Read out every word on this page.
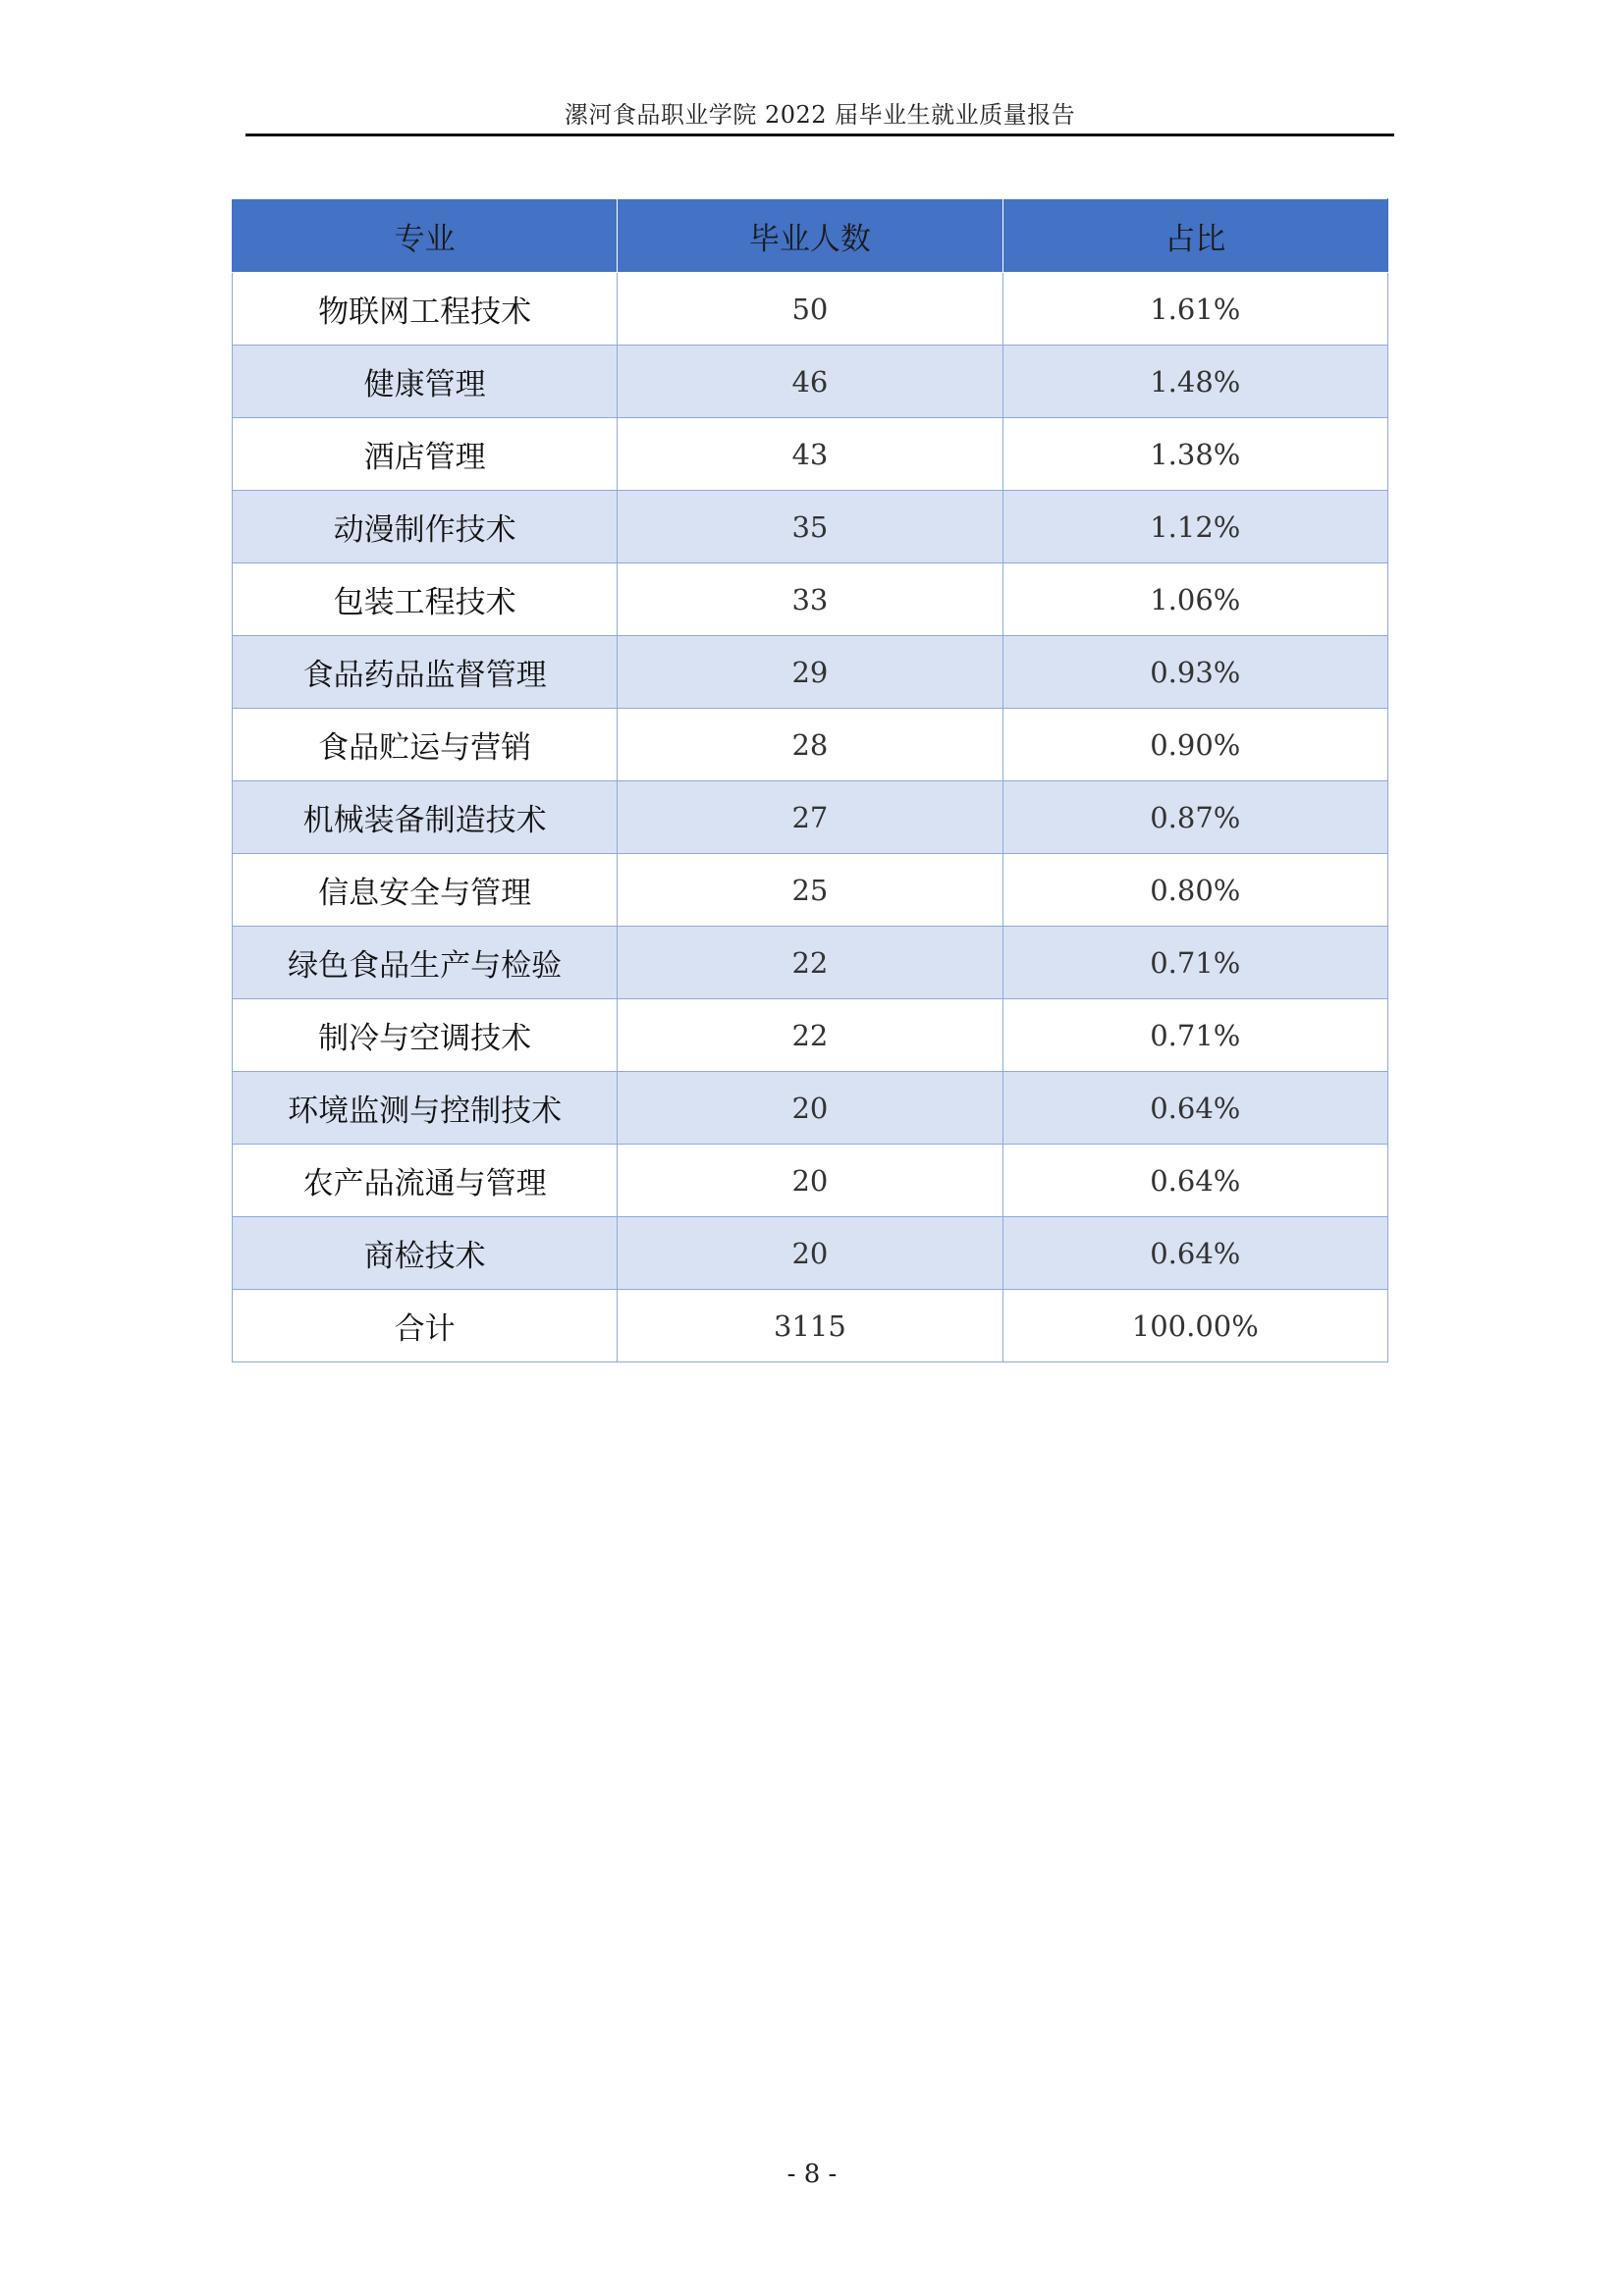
漯河食品职业学院 2022 届毕业生就业质量报告
专业	毕业人数	占比
物联网工程技术	50	1.61%
健康管理	46	1.48%
酒店管理	43	1.38%
动漫制作技术	35	1.12%
包装工程技术	33	1.06%
食品药品监督管理	29	0.93%
食品贮运与营销	28	0.90%
机械装备制造技术	27	0.87%
信息安全与管理	25	0.80%
绿色食品生产与检验	22	0.71%
制冷与空调技术	22	0.71%
环境监测与控制技术	20	0.64%
农产品流通与管理	20	0.64%
商检技术	20	0.64%
合计	3115	100.00%
- 8 -
